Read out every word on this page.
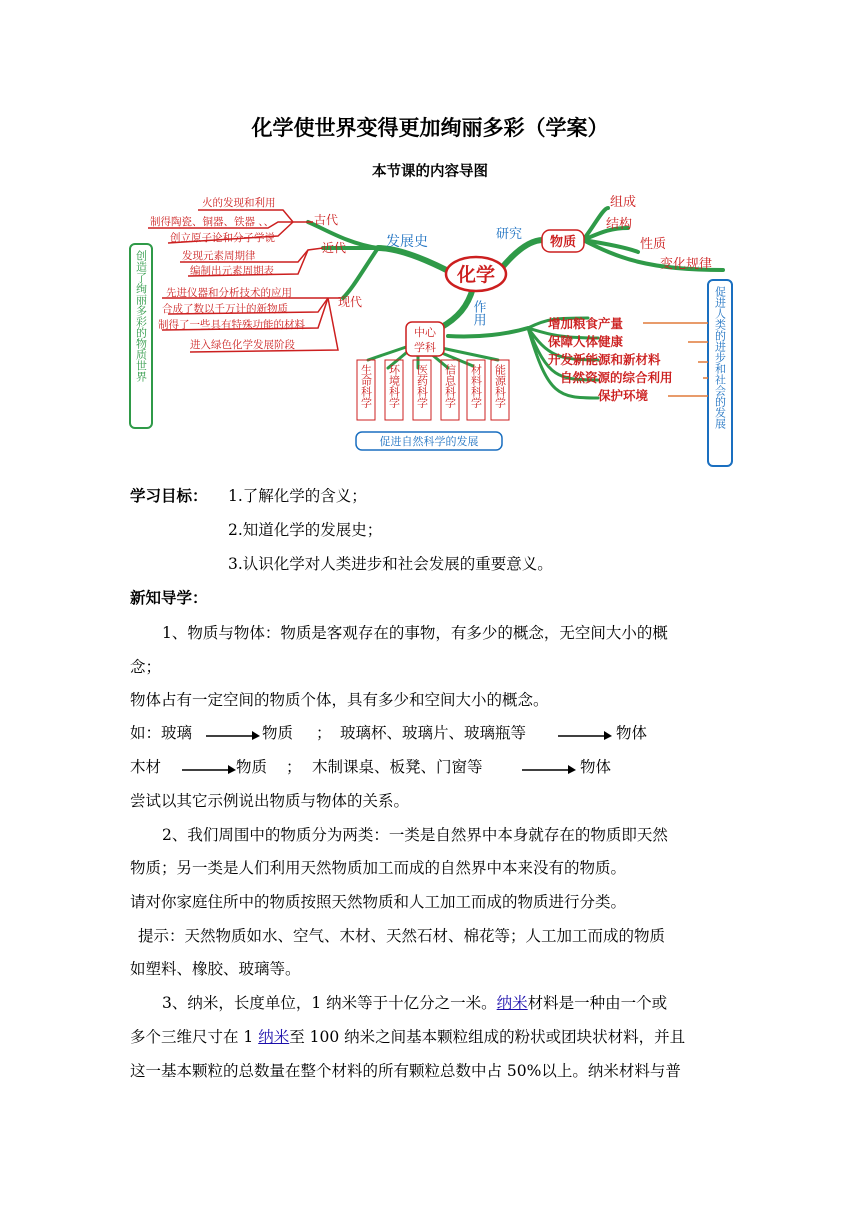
化学使世界变得更加绚丽多彩（学案）
本节课的内容导图
创造了绚丽多彩的物质世界	促进人类的进步和社会的发展
化学
发展史	研究
作用
古代
近代
现代
火的发现和利用
制得陶瓷、铜器、铁器 、、
创立原子论和分子学说
发现元素周期律
编制出元素周期表
先进仪器和分析技术的应用
合成了数以千万计的新物质
制得了一些具有特殊功能的材料
进入绿色化学发展阶段
物质
组成
结构
性质
变化规律
中心
学科
生命科学 环境科学 医药科学 信息科学 材料科学 能源科学
促进自然科学的发展
增加粮食产量
保障人体健康
开发新能源和新材料
自然资源的综合利用
保护环境
学习目标： 1.了解化学的含义；
2.知道化学的发展史；
3.认识化学对人类进步和社会发展的重要意义。
新知导学：
1、物质与物体：物质是客观存在的事物，有多少的概念，无空间大小的概
念；
物体占有一定空间的物质个体，具有多少和空间大小的概念。
如：玻璃	物质 ； 玻璃杯、玻璃片、玻璃瓶等	物体
木材	物质 ； 木制课桌、板凳、门窗等	物体
尝试以其它示例说出物质与物体的关系。
2、我们周围中的物质分为两类：一类是自然界中本身就存在的物质即天然
物质；另一类是人们利用天然物质加工而成的自然界中本来没有的物质。
请对你家庭住所中的物质按照天然物质和人工加工而成的物质进行分类。
提示：天然物质如水、空气、木材、天然石材、棉花等；人工加工而成的物质
如塑料、橡胶、玻璃等。
3、纳米，长度单位，1 纳米等于十亿分之一米。纳米材料是一种由一个或
多个三维尺寸在 1 纳米至 100 纳米之间基本颗粒组成的粉状或团块状材料，并且
这一基本颗粒的总数量在整个材料的所有颗粒总数中占 50%以上。纳米材料与普
